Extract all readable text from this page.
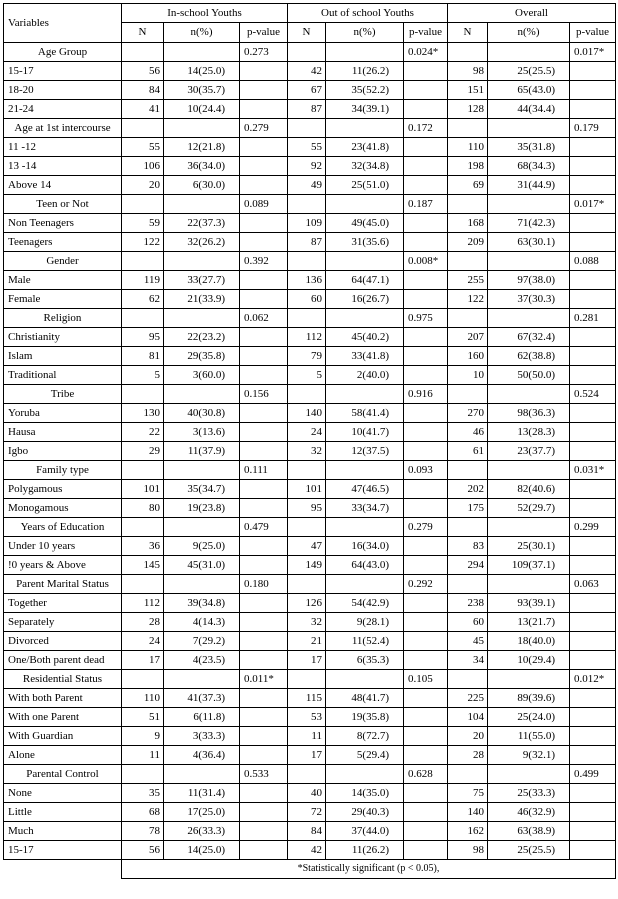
Variables	In-school Youths			Out of school Youths			Overall		
	N	n(%)	p-value	N	n(%)	p-value	N	n(%)	p-value
Age Group			0.273			0.024*			0.017*
15-17	56	14(25.0)		42	11(26.2)		98	25(25.5)	
18-20	84	30(35.7)		67	35(52.2)		151	65(43.0)	
21-24	41	10(24.4)		87	34(39.1)		128	44(34.4)	
Age at 1st intercourse			0.279			0.172			0.179
11 -12	55	12(21.8)		55	23(41.8)		110	35(31.8)	
13 -14	106	36(34.0)		92	32(34.8)		198	68(34.3)	
Above 14	20	6(30.0)		49	25(51.0)		69	31(44.9)	
Teen or Not			0.089			0.187			0.017*
Non Teenagers	59	22(37.3)		109	49(45.0)		168	71(42.3)	
Teenagers	122	32(26.2)		87	31(35.6)		209	63(30.1)	
Gender			0.392			0.008*			0.088
Male	119	33(27.7)		136	64(47.1)		255	97(38.0)	
Female	62	21(33.9)		60	16(26.7)		122	37(30.3)	
Religion			0.062			0.975			0.281
Christianity	95	22(23.2)		112	45(40.2)		207	67(32.4)	
Islam	81	29(35.8)		79	33(41.8)		160	62(38.8)	
Traditional	5	3(60.0)		5	2(40.0)		10	50(50.0)	
Tribe			0.156			0.916			0.524
Yoruba	130	40(30.8)		140	58(41.4)		270	98(36.3)	
Hausa	22	3(13.6)		24	10(41.7)		46	13(28.3)	
Igbo	29	11(37.9)		32	12(37.5)		61	23(37.7)	
Family type			0.111			0.093			0.031*
Polygamous	101	35(34.7)		101	47(46.5)		202	82(40.6)	
Monogamous	80	19(23.8)		95	33(34.7)		175	52(29.7)	
Years of Education			0.479			0.279			0.299
Under 10 years	36	9(25.0)		47	16(34.0)		83	25(30.1)	
!0 years & Above	145	45(31.0)		149	64(43.0)		294	109(37.1)	
Parent Marital Status			0.180			0.292			0.063
Together	112	39(34.8)		126	54(42.9)		238	93(39.1)	
Separately	28	4(14.3)		32	9(28.1)		60	13(21.7)	
Divorced	24	7(29.2)		21	11(52.4)		45	18(40.0)	
One/Both parent dead	17	4(23.5)		17	6(35.3)		34	10(29.4)	
Residential Status			0.011*			0.105			0.012*
With both Parent	110	41(37.3)		115	48(41.7)		225	89(39.6)	
With one Parent	51	6(11.8)		53	19(35.8)		104	25(24.0)	
With Guardian	9	3(33.3)		11	8(72.7)		20	11(55.0)	
Alone	11	4(36.4)		17	5(29.4)		28	9(32.1)	
Parental Control			0.533			0.628			0.499
None	35	11(31.4)		40	14(35.0)		75	25(33.3)	
Little	68	17(25.0)		72	29(40.3)		140	46(32.9)	
Much	78	26(33.3)		84	37(44.0)		162	63(38.9)	
15-17	56	14(25.0)		42	11(26.2)		98	25(25.5)	
	*Statistically significant (p < 0.05),								
